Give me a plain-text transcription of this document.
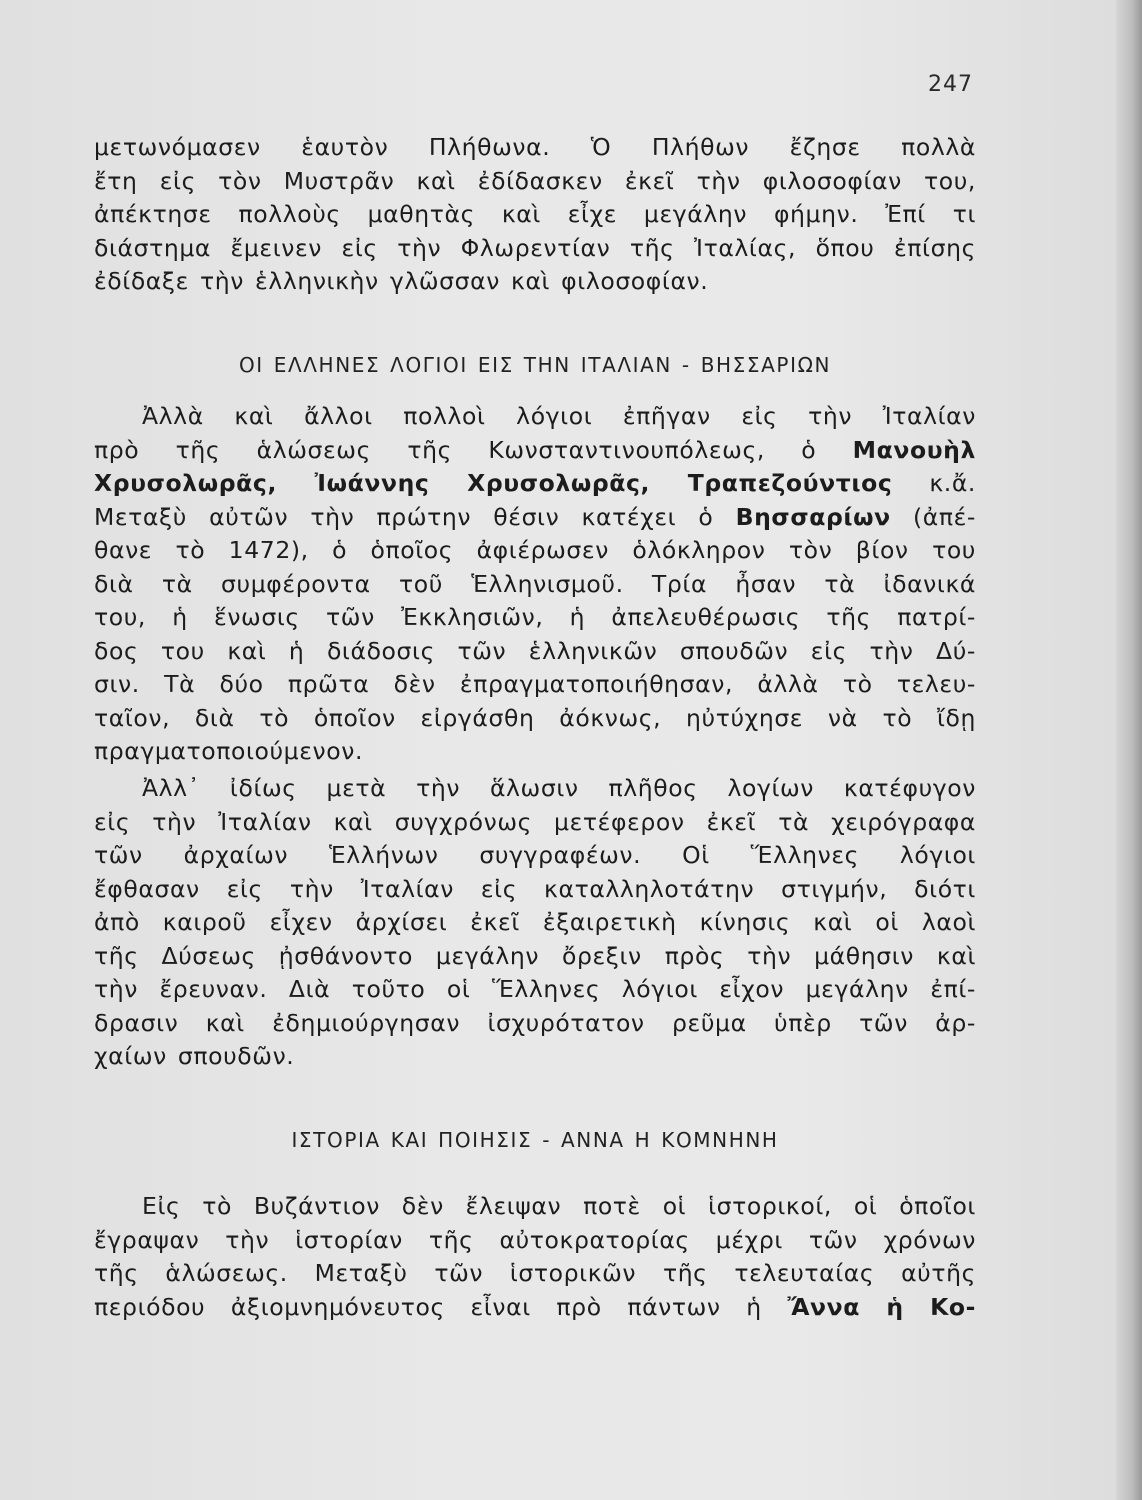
247
μετωνόμασεν ἑαυτὸν Πλήθωνα. Ὁ Πλήθων ἔζησε πολλὰ
ἔτη εἰς τὸν Μυστρᾶν καὶ ἐδίδασκεν ἐκεῖ τὴν φιλοσοφίαν του,
ἀπέκτησε πολλοὺς μαθητὰς καὶ εἶχε μεγάλην φήμην. Ἐπί τι
διάστημα ἔμεινεν εἰς τὴν Φλωρεντίαν τῆς Ἰταλίας, ὅπου ἐπίσης
ἐδίδαξε τὴν ἑλληνικὴν γλῶσσαν καὶ φιλοσοφίαν.
ΟΙ ΕΛΛΗΝΕΣ ΛΟΓΙΟΙ ΕΙΣ ΤΗΝ ΙΤΑΛΙΑΝ - ΒΗΣΣΑΡΙΩΝ
Ἀλλὰ καὶ ἄλλοι πολλοὶ λόγιοι ἐπῆγαν εἰς τὴν Ἰταλίαν
πρὸ τῆς ἁλώσεως τῆς Κωνσταντινουπόλεως, ὁ Μανουὴλ
Χρυσολωρᾶς, Ἰωάννης Χρυσολωρᾶς, Τραπεζούντιος κ.ἄ.
Μεταξὺ αὐτῶν τὴν πρώτην θέσιν κατέχει ὁ Βησσαρίων (ἀπέ-
θανε τὸ 1472), ὁ ὁποῖος ἀφιέρωσεν ὁλόκληρον τὸν βίον του
διὰ τὰ συμφέροντα τοῦ Ἑλληνισμοῦ. Τρία ἦσαν τὰ ἰδανικά
του, ἡ ἕνωσις τῶν Ἐκκλησιῶν, ἡ ἀπελευθέρωσις τῆς πατρί-
δος του καὶ ἡ διάδοσις τῶν ἑλληνικῶν σπουδῶν εἰς τὴν Δύ-
σιν. Τὰ δύο πρῶτα δὲν ἐπραγματοποιήθησαν, ἀλλὰ τὸ τελευ-
ταῖον, διὰ τὸ ὁποῖον εἰργάσθη ἀόκνως, ηὐτύχησε νὰ τὸ ἴδῃ
πραγματοποιούμενον.
Ἀλλ᾽ ἰδίως μετὰ τὴν ἅλωσιν πλῆθος λογίων κατέφυγον
εἰς τὴν Ἰταλίαν καὶ συγχρόνως μετέφερον ἐκεῖ τὰ χειρόγραφα
τῶν ἀρχαίων Ἑλλήνων συγγραφέων. Οἱ Ἕλληνες λόγιοι
ἔφθασαν εἰς τὴν Ἰταλίαν εἰς καταλληλοτάτην στιγμήν, διότι
ἀπὸ καιροῦ εἶχεν ἀρχίσει ἐκεῖ ἐξαιρετικὴ κίνησις καὶ οἱ λαοὶ
τῆς Δύσεως ᾐσθάνοντο μεγάλην ὄρεξιν πρὸς τὴν μάθησιν καὶ
τὴν ἔρευναν. Διὰ τοῦτο οἱ Ἕλληνες λόγιοι εἶχον μεγάλην ἐπί-
δρασιν καὶ ἐδημιούργησαν ἰσχυρότατον ρεῦμα ὑπὲρ τῶν ἀρ-
χαίων σπουδῶν.
ΙΣΤΟΡΙΑ ΚΑΙ ΠΟΙΗΣΙΣ - ΑΝΝΑ Η ΚΟΜΝΗΝΗ
Εἰς τὸ Βυζάντιον δὲν ἔλειψαν ποτὲ οἱ ἱστορικοί, οἱ ὁποῖοι
ἔγραψαν τὴν ἱστορίαν τῆς αὐτοκρατορίας μέχρι τῶν χρόνων
τῆς ἁλώσεως. Μεταξὺ τῶν ἱστορικῶν τῆς τελευταίας αὐτῆς
περιόδου ἀξιομνημόνευτος εἶναι πρὸ πάντων ἡ Ἄννα ἡ Κο-
